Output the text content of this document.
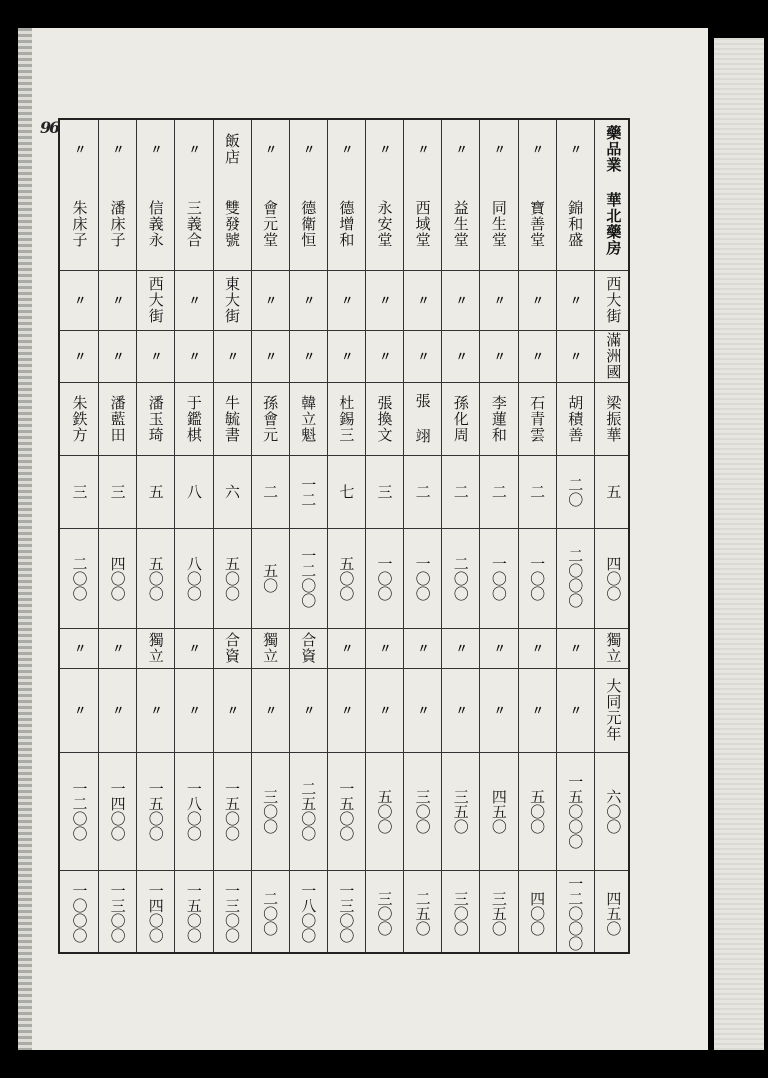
96	藥品業
華北藥房
西大街
滿洲國
梁振華
五
四〇〇
獨立
大同元年
六〇〇
四五〇
〃
錦和盛
〃
〃
胡積善
二〇
二〇〇〇
〃
〃
一五〇〇〇
一二〇〇〇
〃
寶善堂
〃
〃
石青雲
二
一〇〇
〃
〃
五〇〇
四〇〇
〃
同生堂
〃
〃
李蓮和
二
一〇〇
〃
〃
四五〇
三五〇
〃
益生堂
〃
〃
孫化周
二
二〇〇
〃
〃
三五〇
三〇〇
〃
西域堂
〃
〃
張 翊
二
一〇〇
〃
〃
三〇〇
二五〇
〃
永安堂
〃
〃
張換文
三
一〇〇
〃
〃
五〇〇
三〇〇
〃
德增和
〃
〃
杜錫三
七
五〇〇
〃
〃
一五〇〇
一三〇〇
〃
德衛恒
〃
〃
韓立魁
一二
一二〇〇
合資
〃
二五〇〇
一八〇〇
〃
會元堂
〃
〃
孫會元
二
五〇
獨立
〃
三〇〇
二〇〇
飯店
雙發號
東大街
〃
牛毓書
六
五〇〇
合資
〃
一五〇〇
一三〇〇
〃
三義合
〃
〃
于鑑棋
八
八〇〇
〃
〃
一八〇〇
一五〇〇
〃
信義永
西大街
〃
潘玉琦
五
五〇〇
獨立
〃
一五〇〇
一四〇〇
〃
潘床子
〃
〃
潘藍田
三
四〇〇
〃
〃
一四〇〇
一三〇〇
〃
朱床子
〃
〃
朱鉄方
三
二〇〇
〃
〃
一二〇〇
一〇〇〇
